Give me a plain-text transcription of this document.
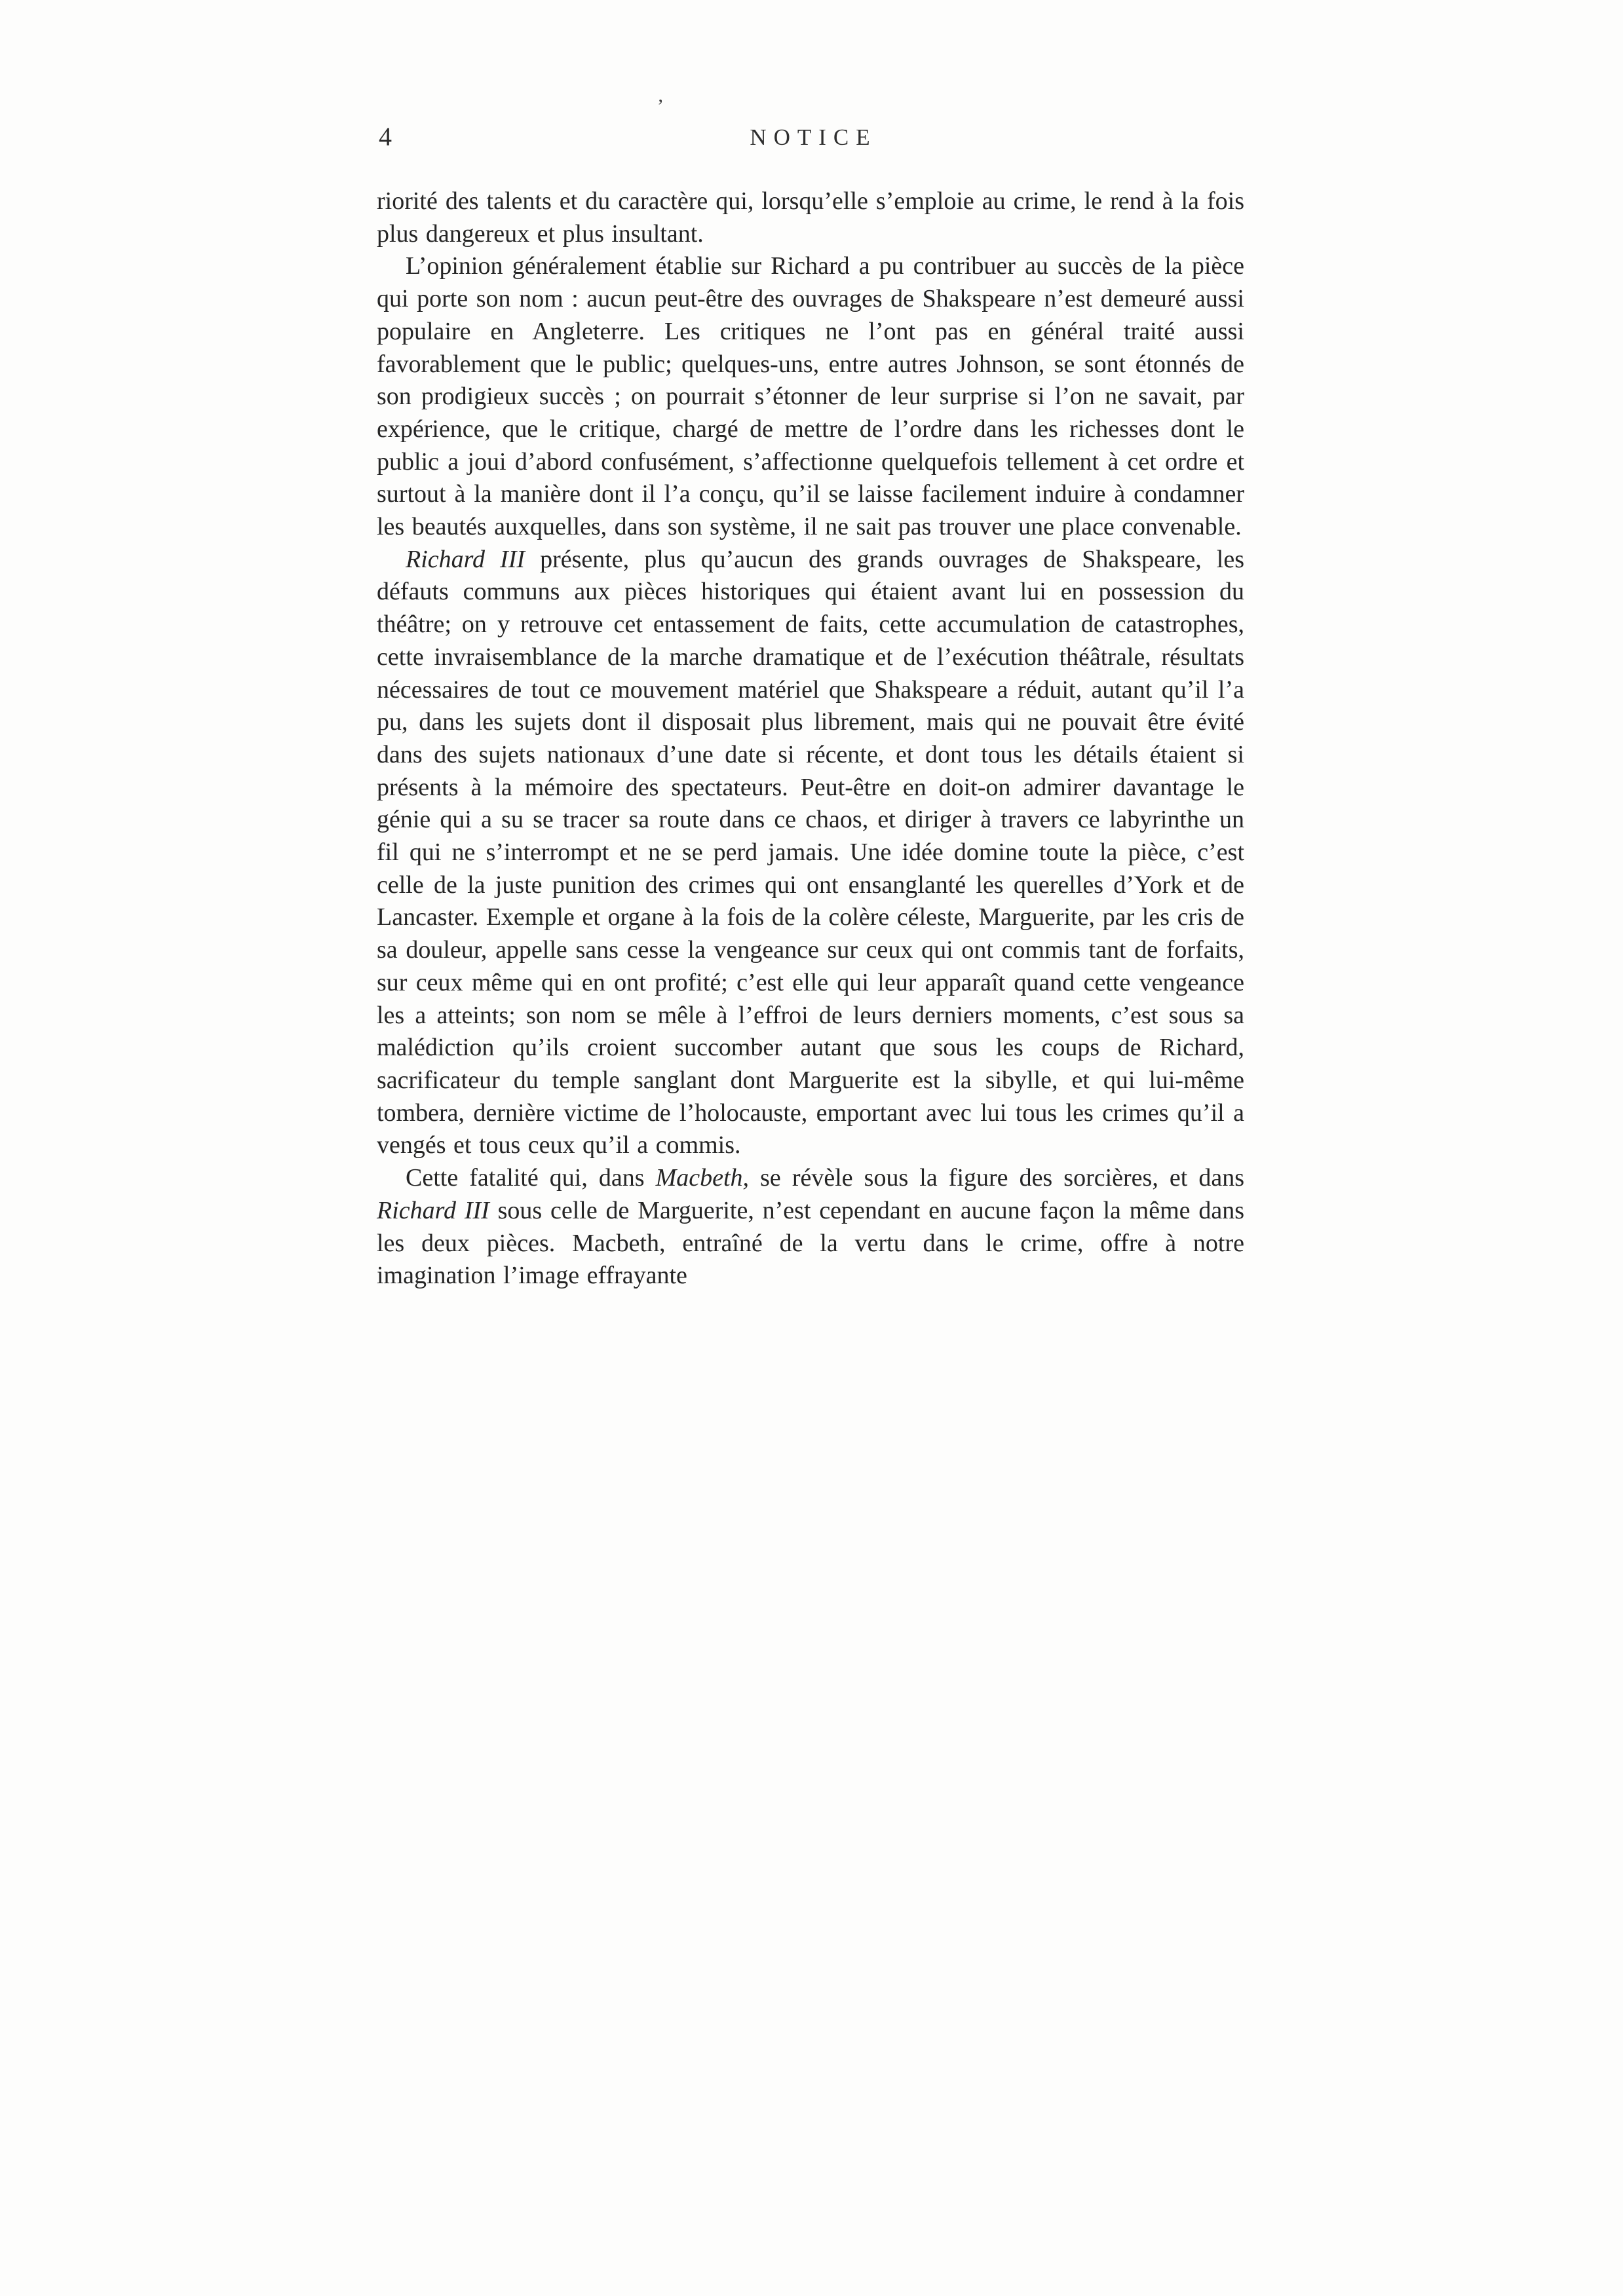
4
ʼ
NOTICE

riorité des talents et du caractère qui, lorsqu’elle s’emploie au crime, le rend à la fois plus dangereux et plus insultant.

L’opinion généralement établie sur Richard a pu contribuer au succès de la pièce qui porte son nom : aucun peut-être des ouvrages de Shakspeare n’est demeuré aussi populaire en Angleterre. Les critiques ne l’ont pas en général traité aussi favorablement que le public; quelques-uns, entre autres Johnson, se sont étonnés de son prodigieux succès ; on pourrait s’étonner de leur surprise si l’on ne savait, par expérience, que le critique, chargé de mettre de l’ordre dans les richesses dont le public a joui d’abord confusément, s’affectionne quelquefois tellement à cet ordre et surtout à la manière dont il l’a conçu, qu’il se laisse facilement induire à condamner les beautés auxquelles, dans son système, il ne sait pas trouver une place convenable.

Richard III présente, plus qu’aucun des grands ouvrages de Shakspeare, les défauts communs aux pièces historiques qui étaient avant lui en possession du théâtre; on y retrouve cet entassement de faits, cette accumulation de catastrophes, cette invraisemblance de la marche dramatique et de l’exécution théâtrale, résultats nécessaires de tout ce mouvement matériel que Shakspeare a réduit, autant qu’il l’a pu, dans les sujets dont il disposait plus librement, mais qui ne pouvait être évité dans des sujets nationaux d’une date si récente, et dont tous les détails étaient si présents à la mémoire des spectateurs. Peut-être en doit-on admirer davantage le génie qui a su se tracer sa route dans ce chaos, et diriger à travers ce labyrinthe un fil qui ne s’interrompt et ne se perd jamais. Une idée domine toute la pièce, c’est celle de la juste punition des crimes qui ont ensanglanté les querelles d’York et de Lancaster. Exemple et organe à la fois de la colère céleste, Marguerite, par les cris de sa douleur, appelle sans cesse la vengeance sur ceux qui ont commis tant de forfaits, sur ceux même qui en ont profité; c’est elle qui leur apparaît quand cette vengeance les a atteints; son nom se mêle à l’effroi de leurs derniers moments, c’est sous sa malédiction qu’ils croient succomber autant que sous les coups de Richard, sacrificateur du temple sanglant dont Marguerite est la sibylle, et qui lui-même tombera, dernière victime de l’holocauste, emportant avec lui tous les crimes qu’il a vengés et tous ceux qu’il a commis.

Cette fatalité qui, dans Macbeth, se révèle sous la figure des sorcières, et dans Richard III sous celle de Marguerite, n’est cependant en aucune façon la même dans les deux pièces. Macbeth, entraîné de la vertu dans le crime, offre à notre imagination l’image effrayante
